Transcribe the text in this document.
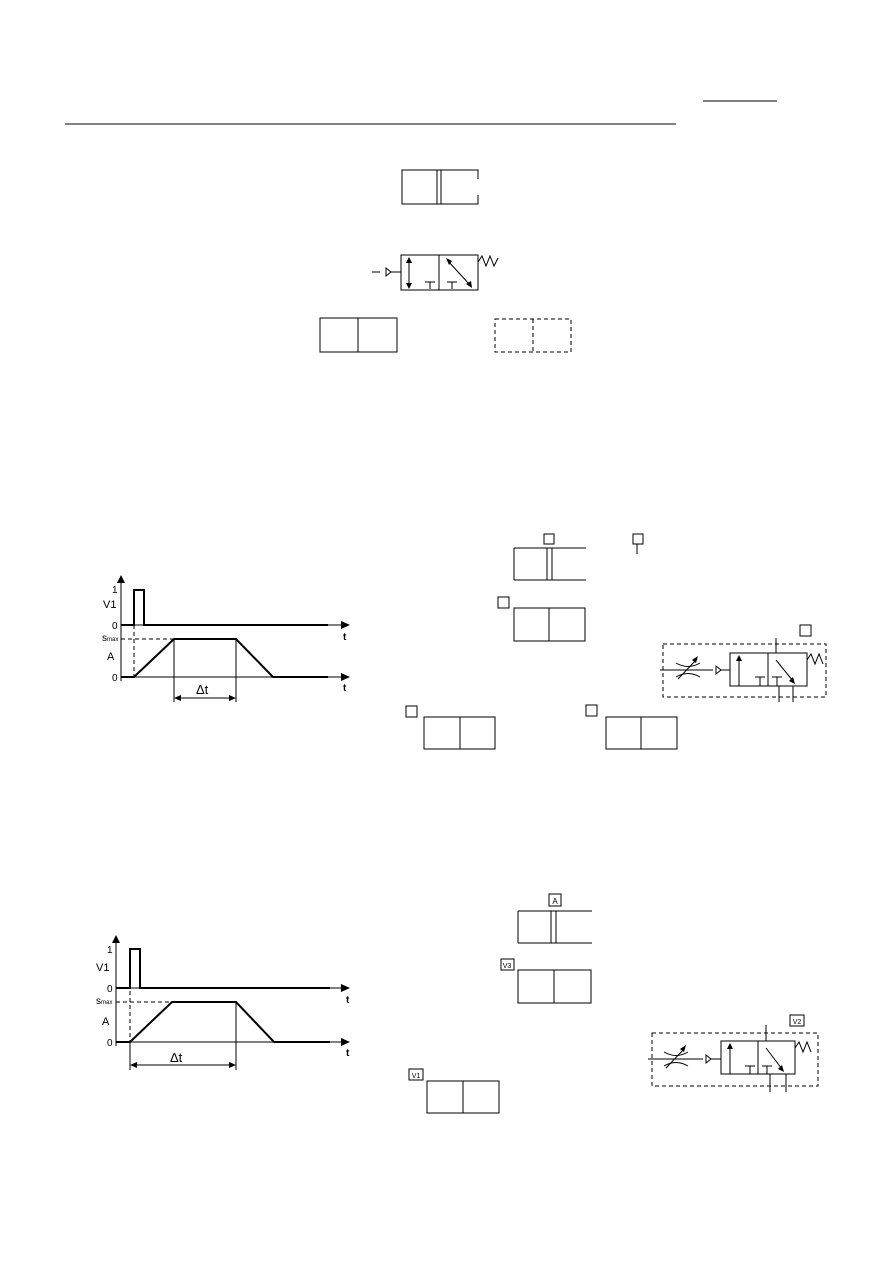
1
V1
0
smax
A
0
t
t
Δt
1
V1
0
smax
A
0
t
t
Δt
A
V3
V2
V1
